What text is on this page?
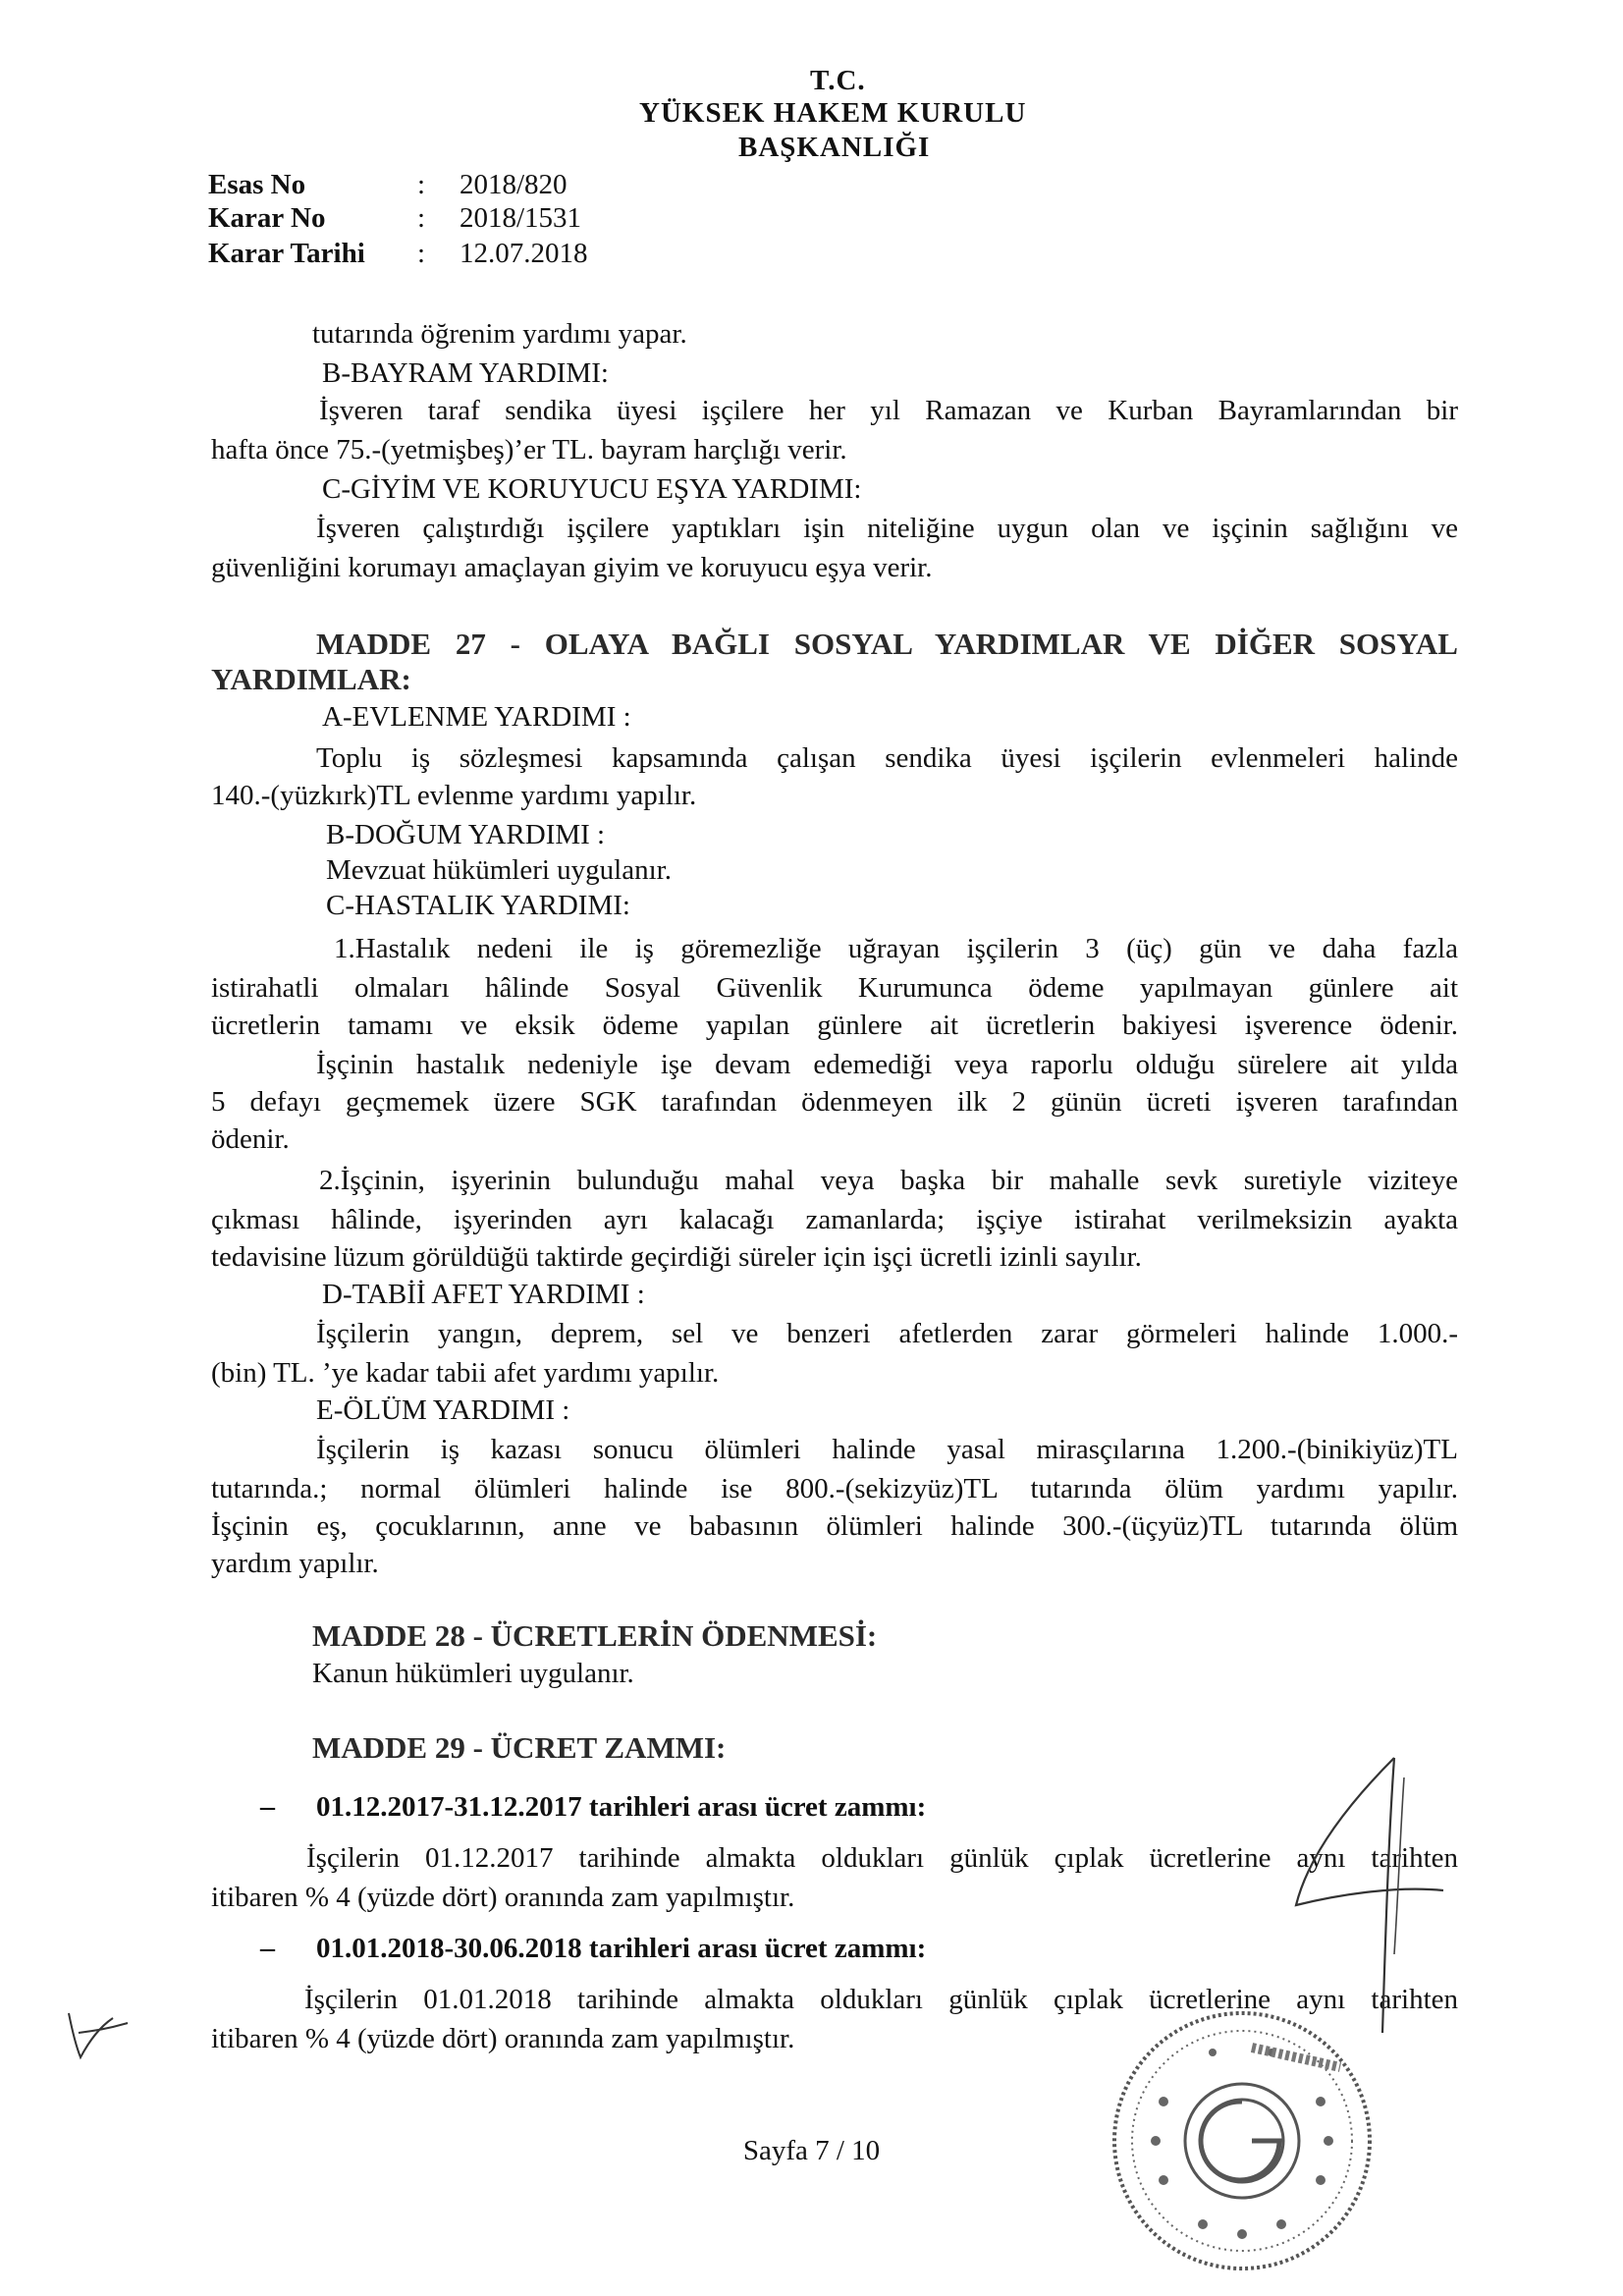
T.C.
YÜKSEK HAKEM KURULU
BAŞKANLIĞI
Esas No	: 2018/820
Karar No	: 2018/1531
Karar Tarihi : 12.07.2018
tutarında öğrenim yardımı yapar.
B-BAYRAM YARDIMI:
İşveren taraf sendika üyesi işçilere her yıl Ramazan ve Kurban Bayramlarından bir
hafta önce 75.-(yetmişbeş)’er TL. bayram harçlığı verir.
C-GİYİM VE KORUYUCU EŞYA YARDIMI:
İşveren çalıştırdığı işçilere yaptıkları işin niteliğine uygun olan ve işçinin sağlığını ve
güvenliğini korumayı amaçlayan giyim ve koruyucu eşya verir.
MADDE 27 - OLAYA BAĞLI SOSYAL YARDIMLAR VE DİĞER SOSYAL
YARDIMLAR:
A-EVLENME YARDIMI :
Toplu iş sözleşmesi kapsamında çalışan sendika üyesi işçilerin evlenmeleri halinde
140.-(yüzkırk)TL evlenme yardımı yapılır.
B-DOĞUM YARDIMI :
Mevzuat hükümleri uygulanır.
C-HASTALIK YARDIMI:
1.Hastalık nedeni ile iş göremezliğe uğrayan işçilerin 3 (üç) gün ve daha fazla
istirahatli olmaları hâlinde Sosyal Güvenlik Kurumunca ödeme yapılmayan günlere ait
ücretlerin tamamı ve eksik ödeme yapılan günlere ait ücretlerin bakiyesi işverence ödenir.
İşçinin hastalık nedeniyle işe devam edemediği veya raporlu olduğu sürelere ait yılda
5 defayı geçmemek üzere SGK tarafından ödenmeyen ilk 2 günün ücreti işveren tarafından
ödenir.
2.İşçinin, işyerinin bulunduğu mahal veya başka bir mahalle sevk suretiyle viziteye
çıkması hâlinde, işyerinden ayrı kalacağı zamanlarda; işçiye istirahat verilmeksizin ayakta
tedavisine lüzum görüldüğü taktirde geçirdiği süreler için işçi ücretli izinli sayılır.
D-TABİİ AFET YARDIMI :
İşçilerin yangın, deprem, sel ve benzeri afetlerden zarar görmeleri halinde 1.000.-
(bin) TL. ’ye kadar tabii afet yardımı yapılır.
E-ÖLÜM YARDIMI :
İşçilerin iş kazası sonucu ölümleri halinde yasal mirasçılarına 1.200.-(binikiyüz)TL
tutarında.; normal ölümleri halinde ise 800.-(sekizyüz)TL tutarında ölüm yardımı yapılır.
İşçinin eş, çocuklarının, anne ve babasının ölümleri halinde 300.-(üçyüz)TL tutarında ölüm
yardım yapılır.
MADDE 28 - ÜCRETLERİN ÖDENMESİ:
Kanun hükümleri uygulanır.
MADDE 29 - ÜCRET ZAMMI:
– 01.12.2017-31.12.2017 tarihleri arası ücret zammı:
İşçilerin 01.12.2017 tarihinde almakta oldukları günlük çıplak ücretlerine aynı tarihten
itibaren % 4 (yüzde dört) oranında zam yapılmıştır.
– 01.01.2018-30.06.2018 tarihleri arası ücret zammı:
İşçilerin 01.01.2018 tarihinde almakta oldukları günlük çıplak ücretlerine aynı tarihten
itibaren % 4 (yüzde dört) oranında zam yapılmıştır.
Sayfa 7 / 10
